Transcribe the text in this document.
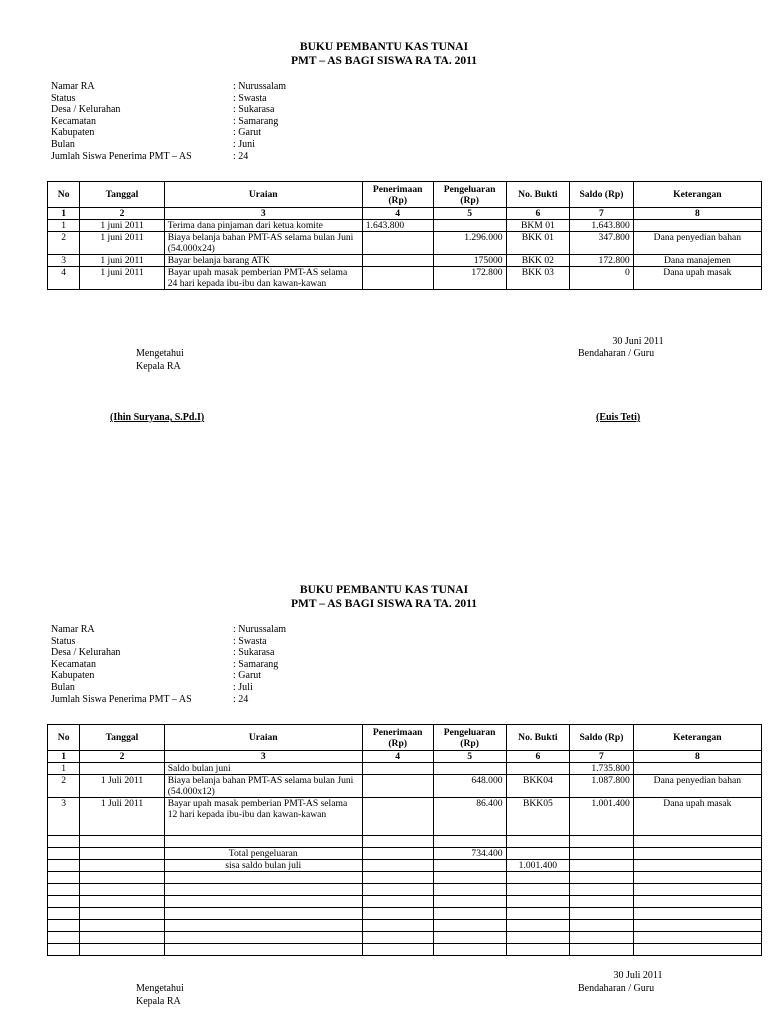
BUKU PEMBANTU KAS TUNAI
PMT – AS BAGI SISWA RA TA. 2011
Namar RA	: Nurussalam
Status	: Swasta
Desa / Kelurahan	: Sukarasa
Kecamatan	: Samarang
Kabupaten	: Garut
Bulan	: Juni
Jumlah Siswa Penerima PMT – AS	: 24
No	Tanggal	Uraian	Penerimaan (Rp)	Pengeluaran (Rp)	No. Bukti	Saldo (Rp)	Keterangan
1	2	3	4	5	6	7	8
1	1 juni 2011	Terima dana pinjaman dari ketua komite	1.643.800		BKM 01	1.643.800	
2	1 juni 2011	Biaya belanja bahan PMT-AS selama bulan Juni (54.000x24)		1.296.000	BKK 01	347.800	Dana penyedian bahan
3	1 juni 2011	Bayar belanja barang ATK		175000	BKK 02	172.800	Dana manajemen
4	1 juni 2011	Bayar upah masak pemberian PMT-AS selama 24 hari kepada ibu-ibu dan kawan-kawan		172.800	BKK 03	0	Dana upah masak
30 Juni 2011
Mengetahui
Kepala RA
Bendaharan / Guru
(Ihin Suryana, S.Pd.I)	(Euis Teti)
BUKU PEMBANTU KAS TUNAI
PMT – AS BAGI SISWA RA TA. 2011
Namar RA	: Nurussalam
Status	: Swasta
Desa / Kelurahan	: Sukarasa
Kecamatan	: Samarang
Kabupaten	: Garut
Bulan	: Juli
Jumlah Siswa Penerima PMT – AS	: 24
No	Tanggal	Uraian	Penerimaan (Rp)	Pengeluaran (Rp)	No. Bukti	Saldo (Rp)	Keterangan
1	2	3	4	5	6	7	8
1		Saldo bulan juni				1.735.800	
2	1 Juli 2011	Biaya belanja bahan PMT-AS selama bulan Juni (54.000x12)		648.000	BKK04	1.087.800	Dana penyedian bahan
3	1 Juli 2011	Bayar upah masak pemberian PMT-AS selama 12 hari kepada ibu-ibu dan kawan-kawan		86.400	BKK05	1.001.400	Dana upah masak

		Total pengeluaran		734.400			
		sisa saldo bulan juli			1.001.400		

30 Juli 2011
Mengetahui
Kepala RA
Bendaharan / Guru
